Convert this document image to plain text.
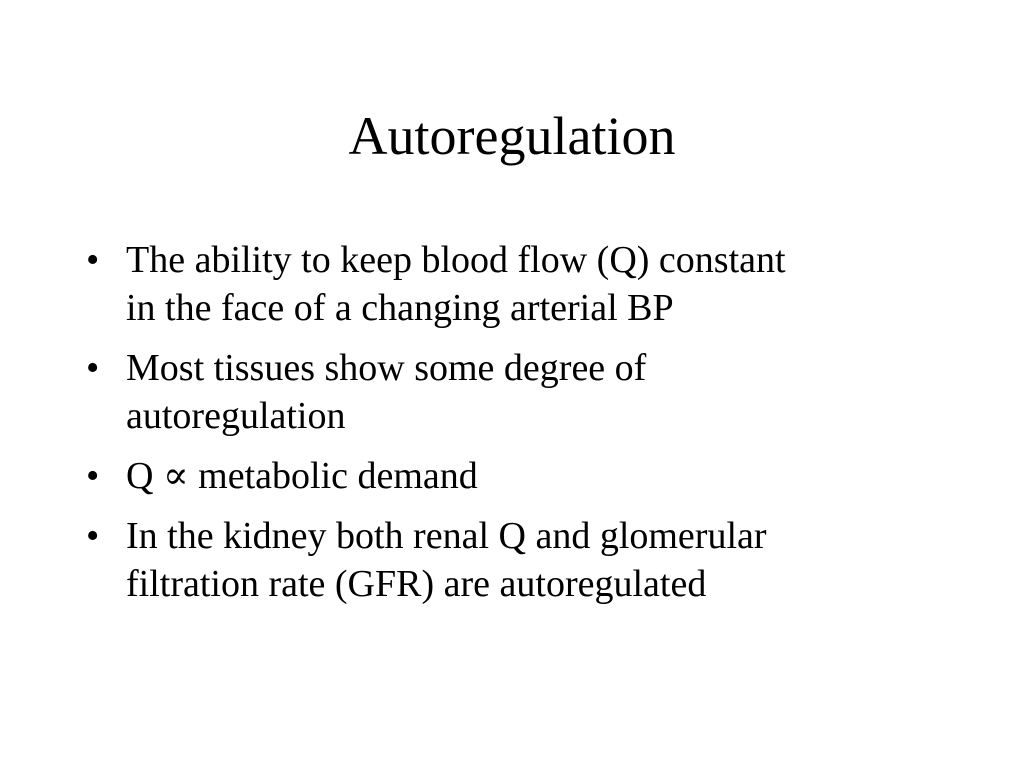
Autoregulation
• The ability to keep blood flow (Q) constant
in the face of a changing arterial BP
• Most tissues show some degree of
autoregulation
• Q ∝ metabolic demand
• In the kidney both renal Q and glomerular
filtration rate (GFR) are autoregulated
